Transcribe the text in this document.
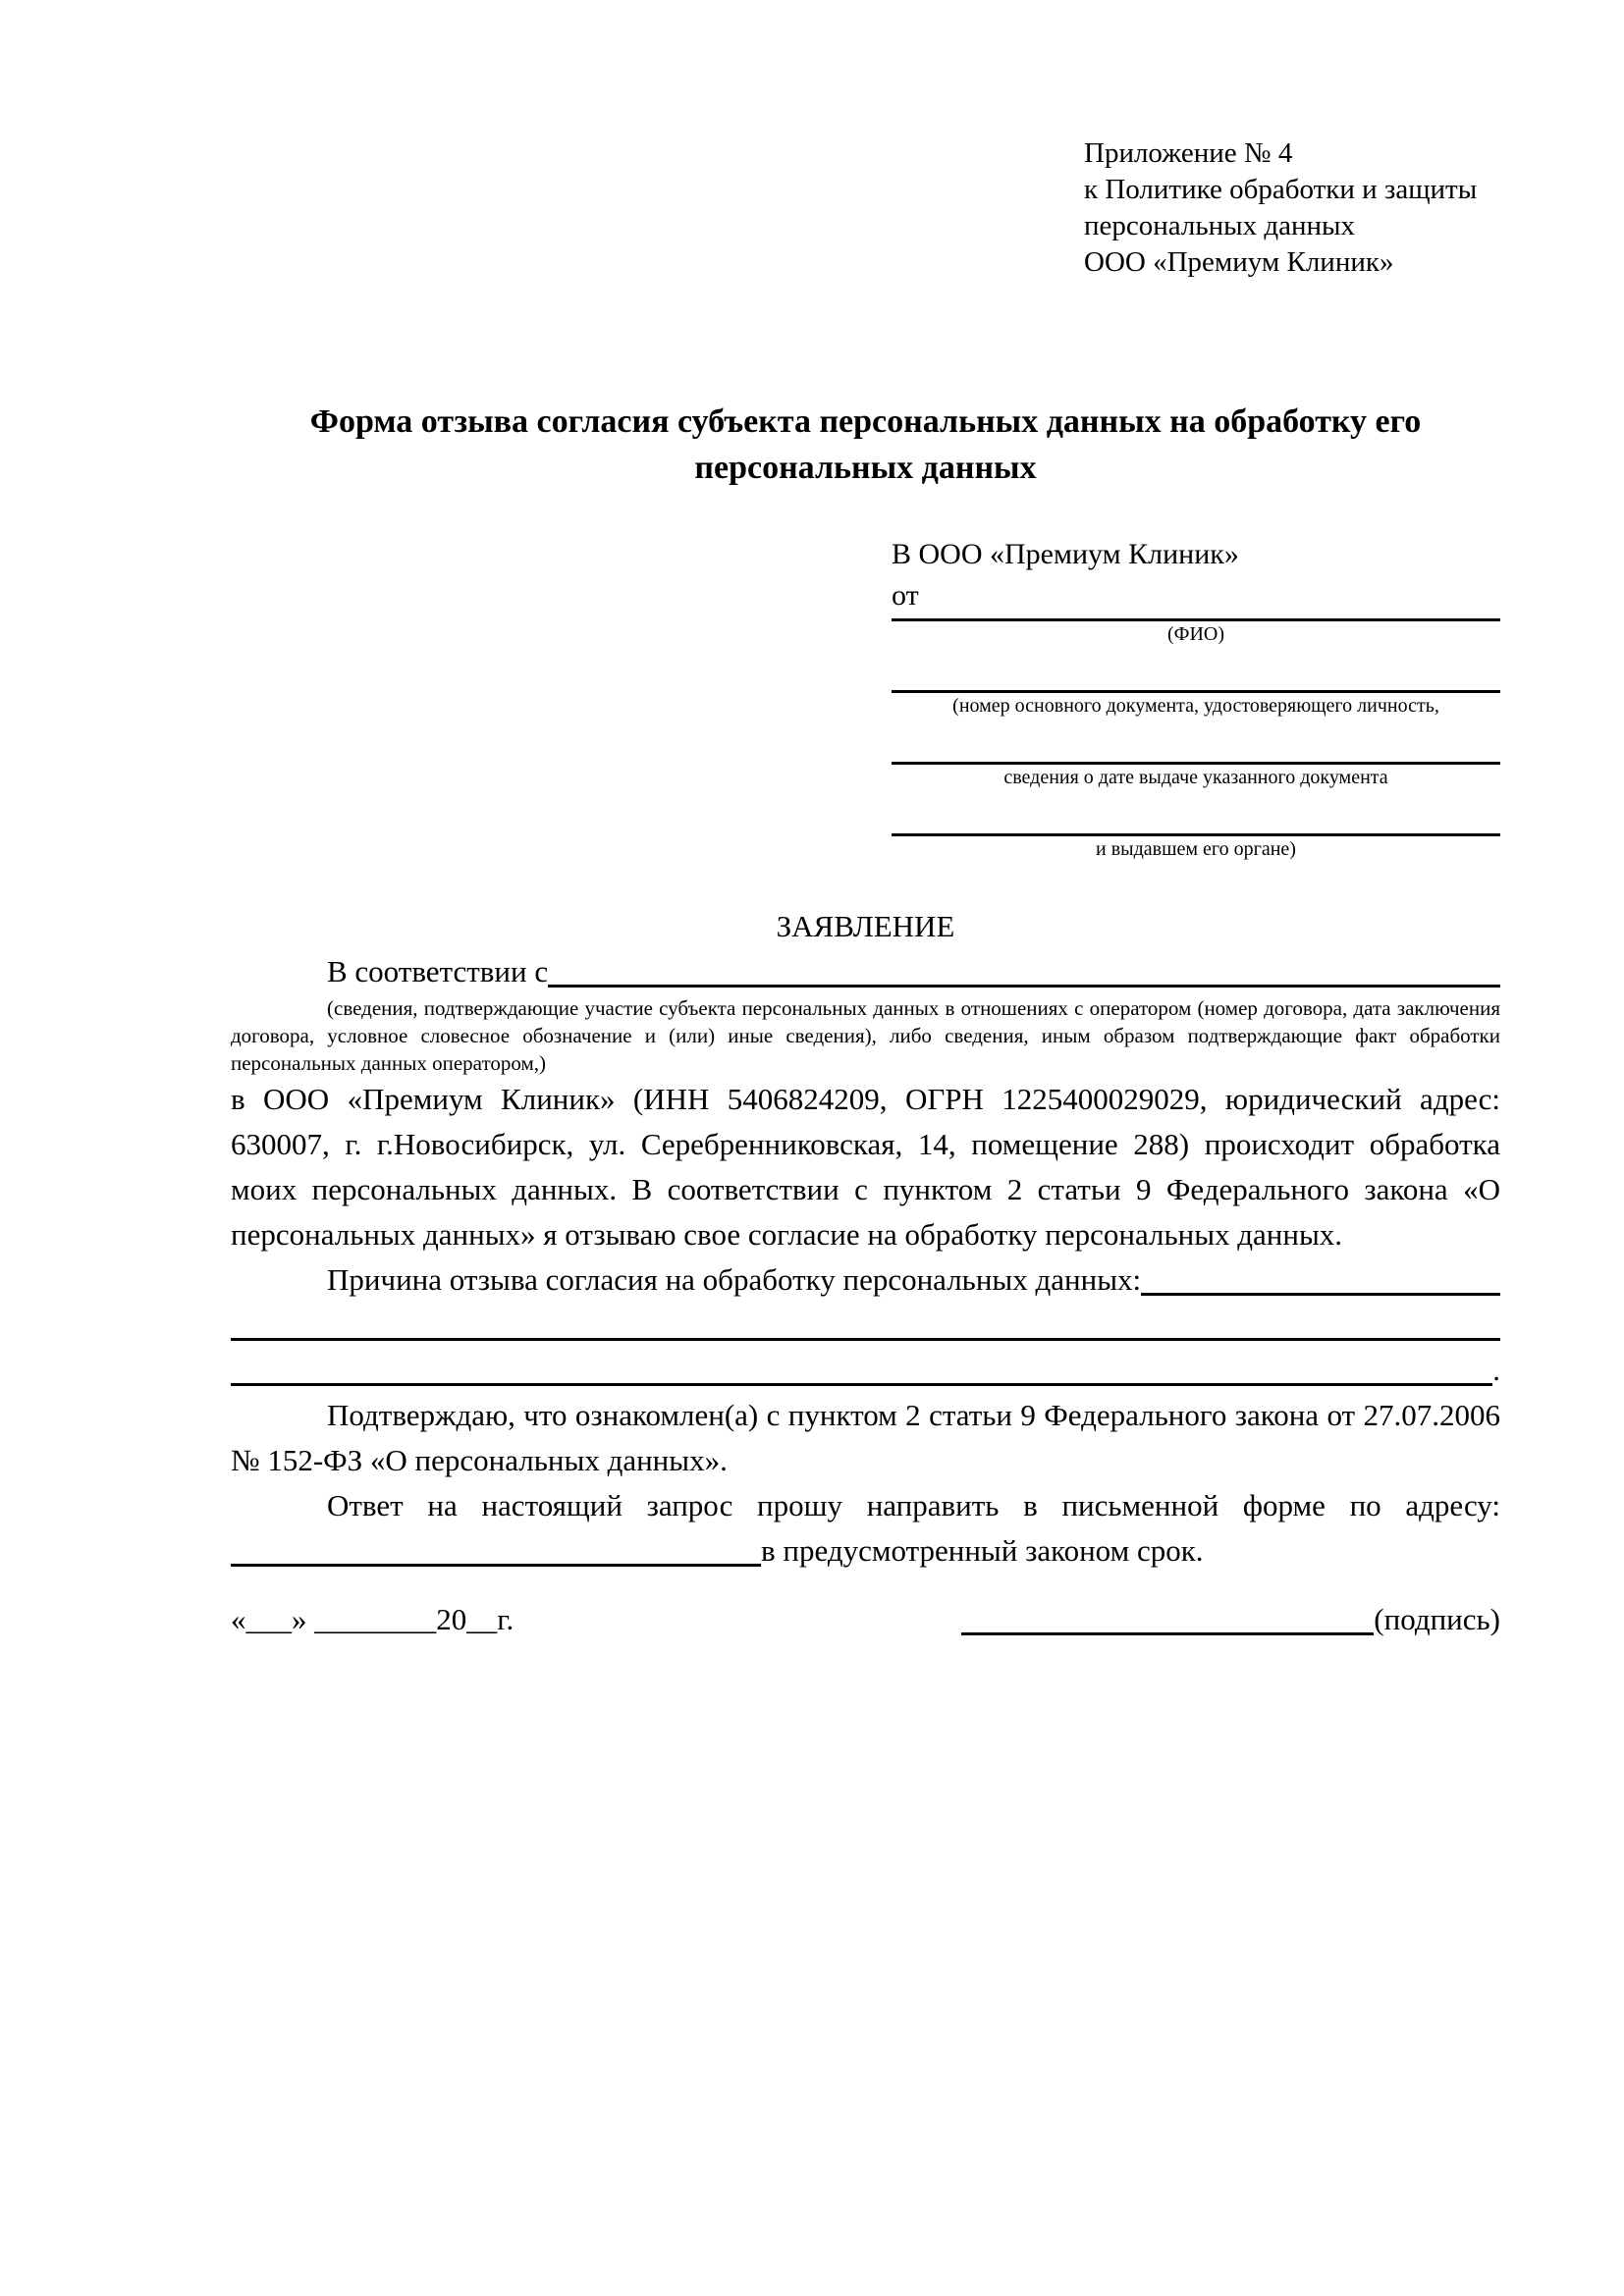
Приложение № 4
к Политике обработки и защиты
персональных данных
ООО «Премиум Клиник»
Форма отзыва согласия субъекта персональных данных на обработку его персональных данных
В ООО «Премиум Клиник»
от
(ФИО)
(номер основного документа, удостоверяющего личность,
сведения о дате выдаче указанного документа
и выдавшем его органе)
ЗАЯВЛЕНИЕ
В соответствии с
(сведения, подтверждающие участие субъекта персональных данных в отношениях с оператором (номер договора, дата заключения договора, условное словесное обозначение и (или) иные сведения), либо сведения, иным образом подтверждающие факт обработки персональных данных оператором,)
в ООО «Премиум Клиник» (ИНН 5406824209, ОГРН 1225400029029, юридический адрес: 630007, г. г.Новосибирск, ул. Серебренниковская, 14, помещение 288) происходит обработка моих персональных данных. В соответствии с пунктом 2 статьи 9 Федерального закона «О персональных данных» я отзываю свое согласие на обработку персональных данных.
Причина отзыва согласия на обработку персональных данных:
.
Подтверждаю, что ознакомлен(а) с пунктом 2 статьи 9 Федерального закона от 27.07.2006 № 152-ФЗ «О персональных данных».
Ответ на настоящий запрос прошу направить в письменной форме по адресу:
в предусмотренный законом срок.
«___» ________20__г.	(подпись)
